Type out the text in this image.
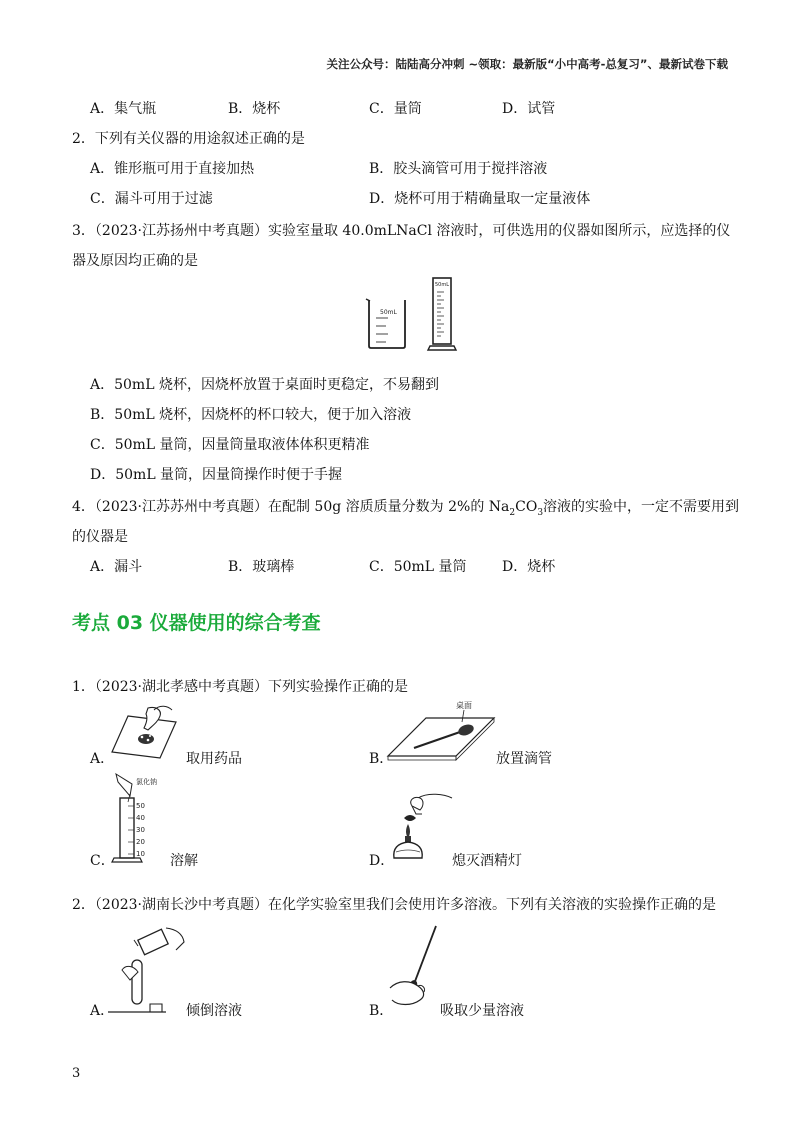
关注公众号：陆陆高分冲刺 ~领取：最新版“小中高考-总复习”、最新试卷下载
A．集气瓶	B．烧杯	C．量筒	D．试管
2．下列有关仪器的用途叙述正确的是
A．锥形瓶可用于直接加热	B．胶头滴管可用于搅拌溶液
C．漏斗可用于过滤	D．烧杯可用于精确量取一定量液体
3．（2023·江苏扬州中考真题）实验室量取 40.0mLNaCl 溶液时，可供选用的仪器如图所示，应选择的仪
器及原因均正确的是
50mL
50mL
A．50mL 烧杯，因烧杯放置于桌面时更稳定，不易翻到
B．50mL 烧杯，因烧杯的杯口较大，便于加入溶液
C．50mL 量筒，因量筒量取液体体积更精准
D．50mL 量筒，因量筒操作时便于手握
4．（2023·江苏苏州中考真题）在配制 50g 溶质质量分数为 2%的 $Na_2CO_3$溶液的实验中，一定不需要用到
的仪器是
A．漏斗	B．玻璃棒	C．50mL 量筒	D．烧杯
考点 03 仪器使用的综合考查
1．（2023·湖北孝感中考真题）下列实验操作正确的是
A．	取用药品
桌面
B．	放置滴管
氯化钠
50
40
30
20
10
C．	溶解	D．	熄灭酒精灯
2．（2023·湖南长沙中考真题）在化学实验室里我们会使用许多溶液。下列有关溶液的实验操作正确的是
A．	倾倒溶液	B．	吸取少量溶液
3
